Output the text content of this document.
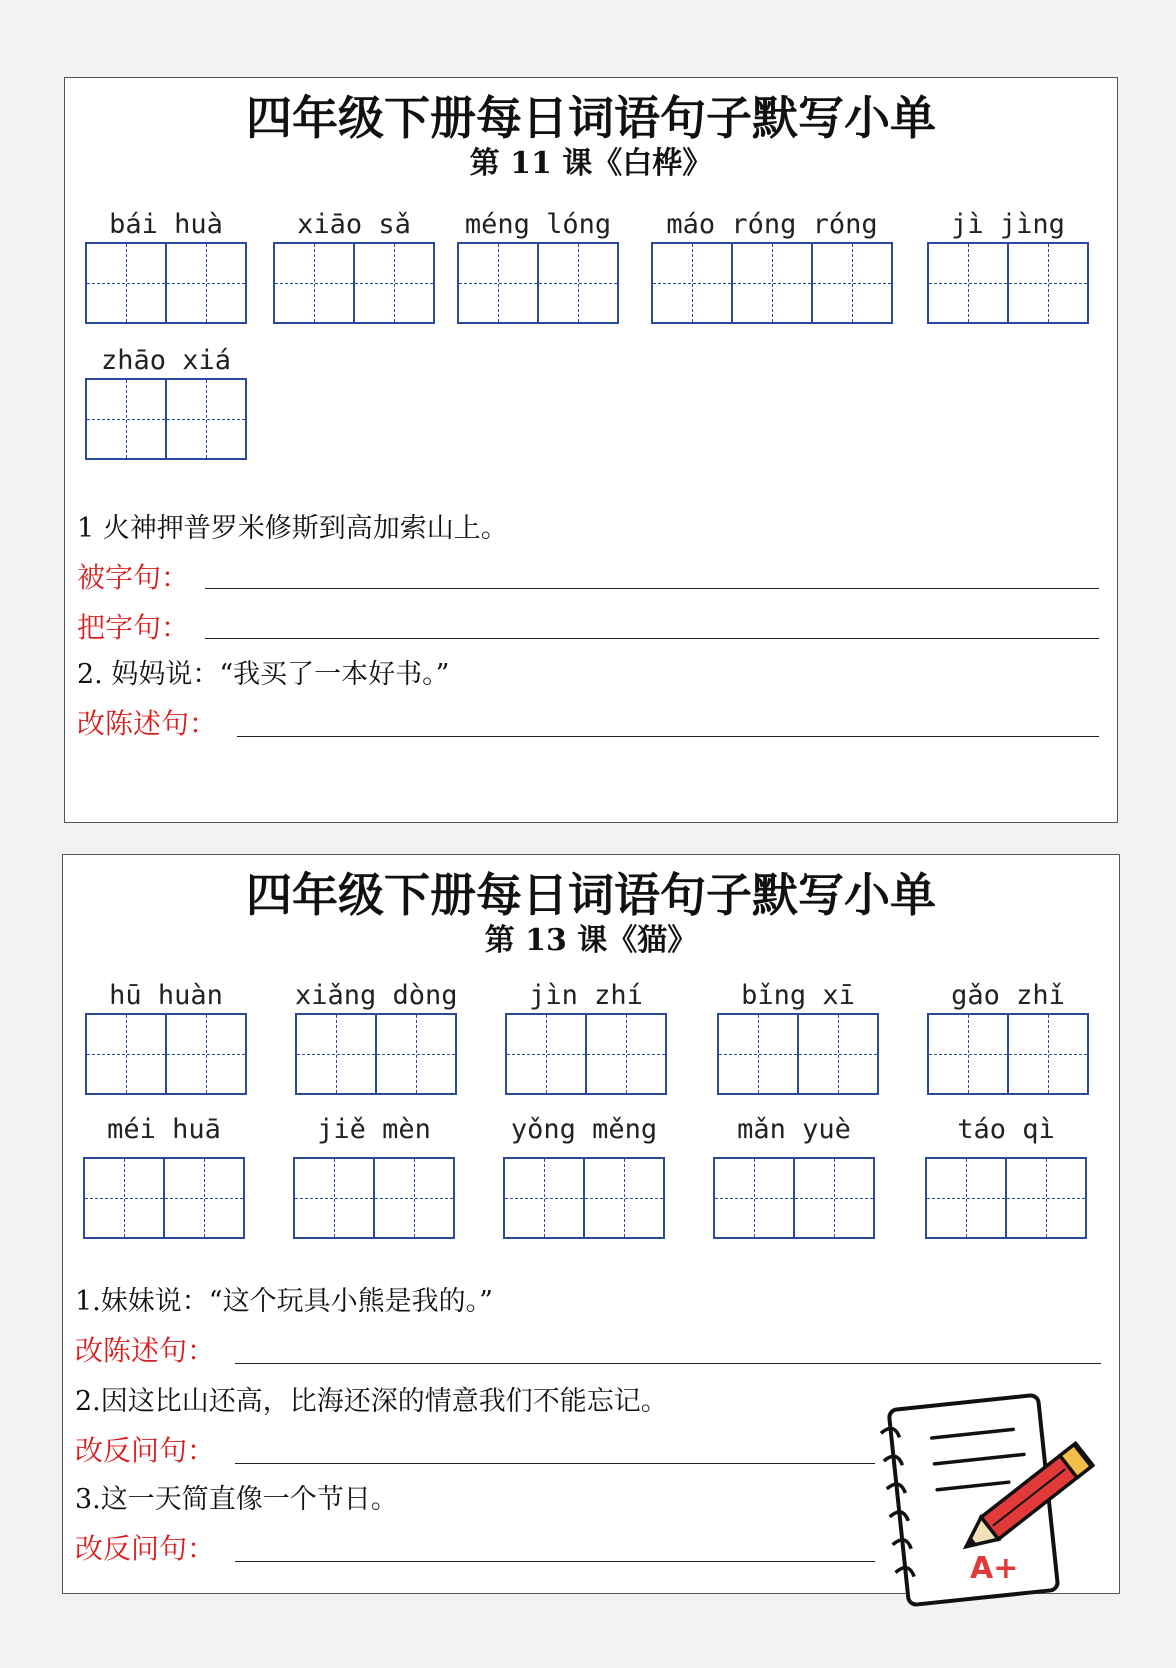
四年级下册每日词语句子默写小单
第 11 课《白桦》
bái huà	xiāo sǎ	méng lóng	máo róng róng	jì jìng
zhāo xiá
1 火神押普罗米修斯到高加索山上。
被字句：
把字句：
2. 妈妈说：“我买了一本好书。”
改陈述句：
四年级下册每日词语句子默写小单
第 13 课《猫》
hū huàn	xiǎng dòng	jìn zhí	bǐng xī	gǎo zhǐ
méi huā	jiě mèn	yǒng měng	mǎn yuè	táo qì
1.妹妹说：“这个玩具小熊是我的。”
改陈述句：
2.因这比山还高，比海还深的情意我们不能忘记。
改反问句：
3.这一天简直像一个节日。
改反问句：
A+
